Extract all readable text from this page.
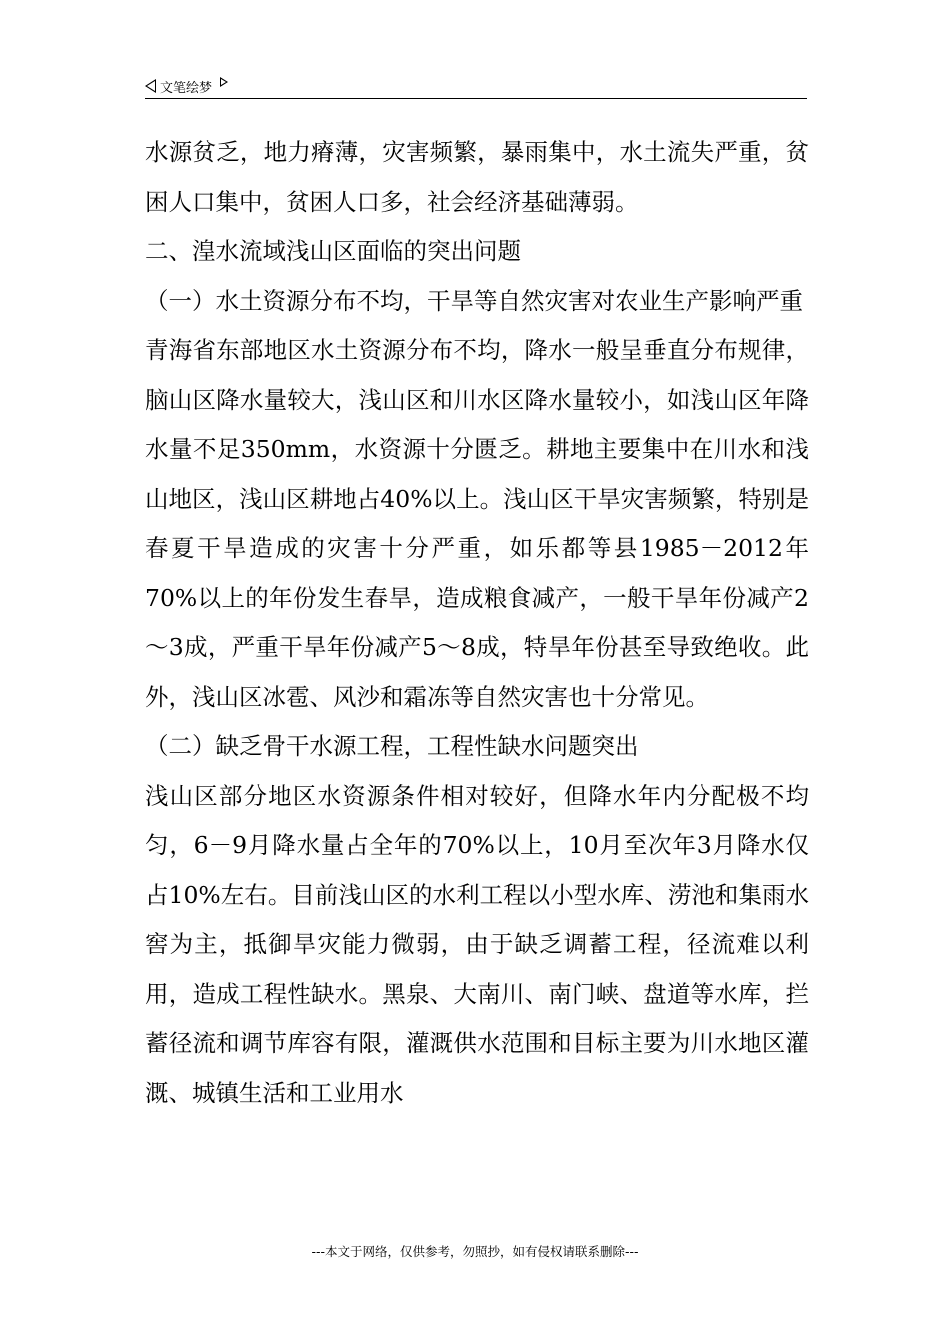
文笔绘梦

水源贫乏，地力瘠薄，灾害频繁，暴雨集中，水土流失严重，贫困人口集中，贫困人口多，社会经济基础薄弱。

二、湟水流域浅山区面临的突出问题

（一）水土资源分布不均，干旱等自然灾害对农业生产影响严重

青海省东部地区水土资源分布不均，降水一般呈垂直分布规律，脑山区降水量较大，浅山区和川水区降水量较小，如浅山区年降水量不足350mm，水资源十分匮乏。耕地主要集中在川水和浅山地区，浅山区耕地占40%以上。浅山区干旱灾害频繁，特别是春夏干旱造成的灾害十分严重，如乐都等县1985－2012年70%以上的年份发生春旱，造成粮食减产，一般干旱年份减产2～3成，严重干旱年份减产5～8成，特旱年份甚至导致绝收。此外，浅山区冰雹、风沙和霜冻等自然灾害也十分常见。

（二）缺乏骨干水源工程，工程性缺水问题突出

浅山区部分地区水资源条件相对较好，但降水年内分配极不均匀，6－9月降水量占全年的70%以上，10月至次年3月降水仅占10%左右。目前浅山区的水利工程以小型水库、涝池和集雨水窖为主，抵御旱灾能力微弱，由于缺乏调蓄工程，径流难以利用，造成工程性缺水。黑泉、大南川、南门峡、盘道等水库，拦蓄径流和调节库容有限，灌溉供水范围和目标主要为川水地区灌溉、城镇生活和工业用水

---本文于网络，仅供参考，勿照抄，如有侵权请联系删除---
